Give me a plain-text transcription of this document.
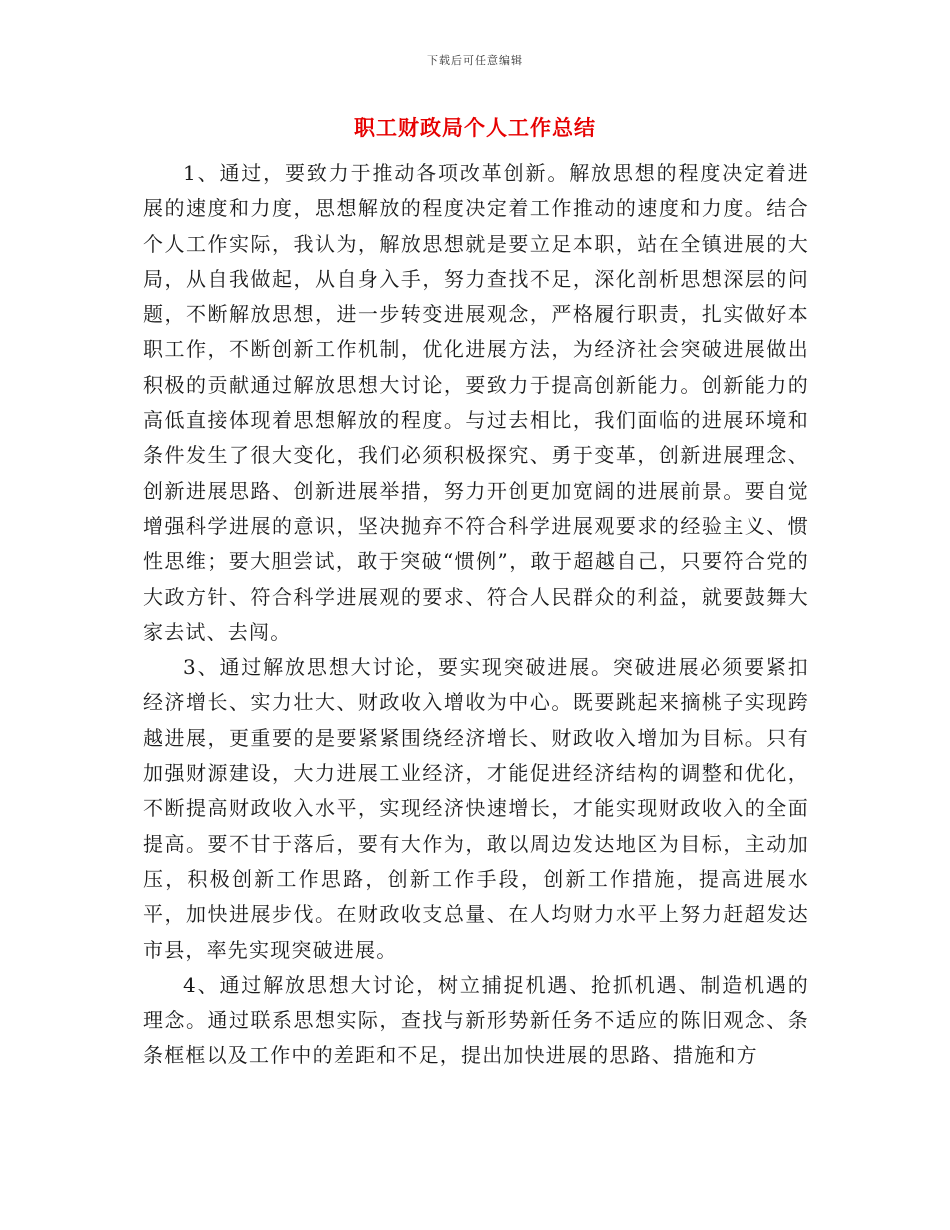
下载后可任意编辑
职工财政局个人工作总结

1、通过，要致力于推动各项改革创新。解放思想的程度决定着进展的速度和力度，思想解放的程度决定着工作推动的速度和力度。结合个人工作实际，我认为，解放思想就是要立足本职，站在全镇进展的大局，从自我做起，从自身入手，努力查找不足，深化剖析思想深层的问题，不断解放思想，进一步转变进展观念，严格履行职责，扎实做好本职工作，不断创新工作机制，优化进展方法，为经济社会突破进展做出积极的贡献通过解放思想大讨论，要致力于提高创新能力。创新能力的高低直接体现着思想解放的程度。与过去相比，我们面临的进展环境和条件发生了很大变化，我们必须积极探究、勇于变革，创新进展理念、创新进展思路、创新进展举措，努力开创更加宽阔的进展前景。要自觉增强科学进展的意识，坚决抛弃不符合科学进展观要求的经验主义、惯性思维；要大胆尝试，敢于突破“惯例”，敢于超越自己，只要符合党的大政方针、符合科学进展观的要求、符合人民群众的利益，就要鼓舞大家去试、去闯。

3、通过解放思想大讨论，要实现突破进展。突破进展必须要紧扣经济增长、实力壮大、财政收入增收为中心。既要跳起来摘桃子实现跨越进展，更重要的是要紧紧围绕经济增长、财政收入增加为目标。只有加强财源建设，大力进展工业经济，才能促进经济结构的调整和优化，不断提高财政收入水平，实现经济快速增长，才能实现财政收入的全面提高。要不甘于落后，要有大作为，敢以周边发达地区为目标，主动加压，积极创新工作思路，创新工作手段，创新工作措施，提高进展水平，加快进展步伐。在财政收支总量、在人均财力水平上努力赶超发达市县，率先实现突破进展。

4、通过解放思想大讨论，树立捕捉机遇、抢抓机遇、制造机遇的理念。通过联系思想实际，查找与新形势新任务不适应的陈旧观念、条条框框以及工作中的差距和不足，提出加快进展的思路、措施和方
